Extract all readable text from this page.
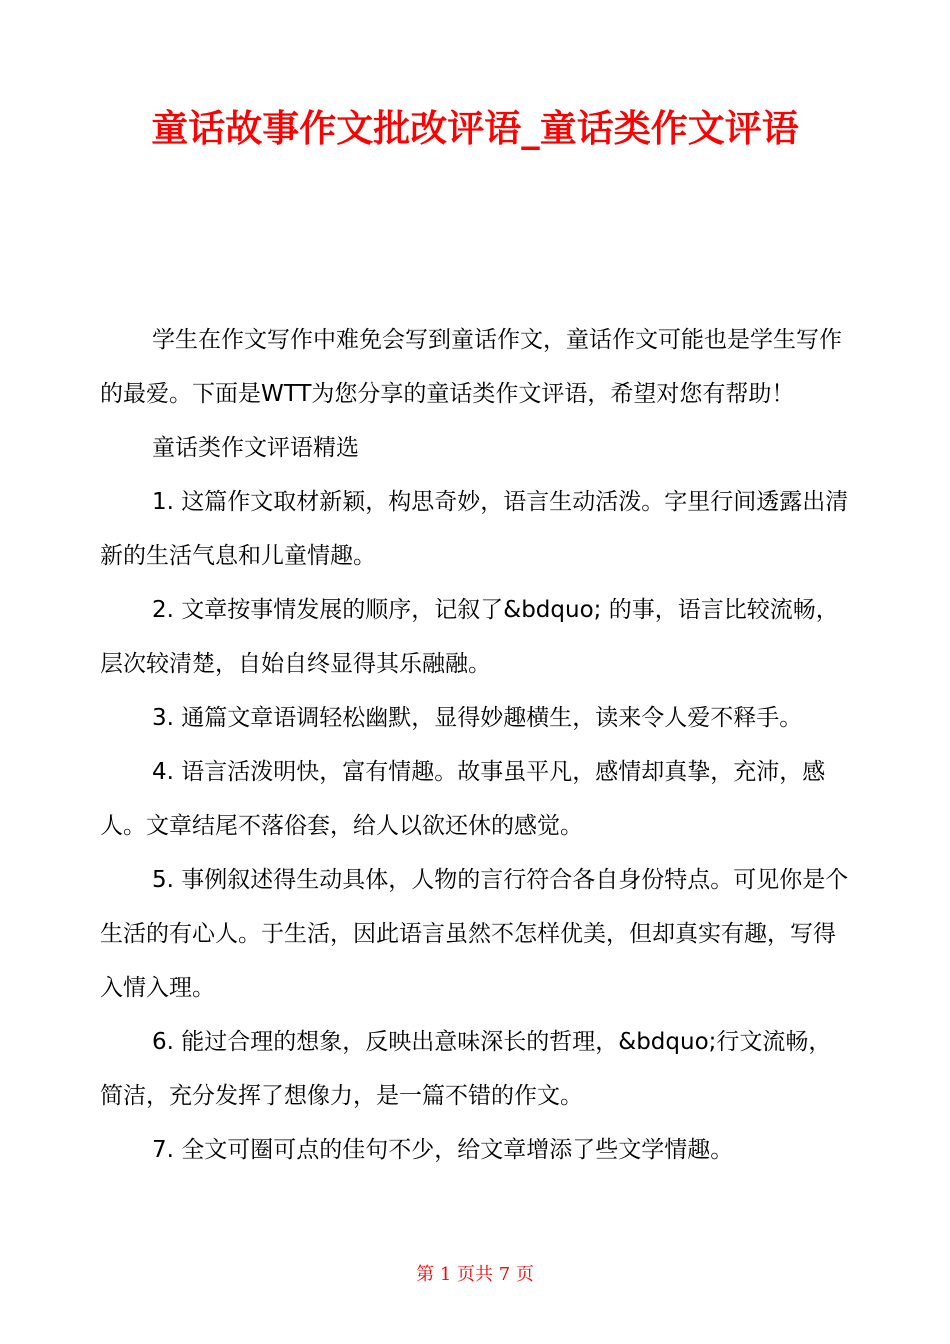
童话故事作文批改评语_童话类作文评语

学生在作文写作中难免会写到童话作文，童话作文可能也是学生写作的最爱。下面是WTT为您分享的童话类作文评语，希望对您有帮助！

童话类作文评语精选

1. 这篇作文取材新颖，构思奇妙，语言生动活泼。字里行间透露出清新的生活气息和儿童情趣。

2. 文章按事情发展的顺序，记叙了&bdquo; 的事，语言比较流畅，层次较清楚，自始自终显得其乐融融。

3. 通篇文章语调轻松幽默，显得妙趣横生，读来令人爱不释手。

4. 语言活泼明快，富有情趣。故事虽平凡，感情却真挚，充沛，感人。文章结尾不落俗套，给人以欲还休的感觉。

5. 事例叙述得生动具体，人物的言行符合各自身份特点。可见你是个生活的有心人。于生活，因此语言虽然不怎样优美，但却真实有趣，写得入情入理。

6. 能过合理的想象，反映出意味深长的哲理，&bdquo;行文流畅，简洁，充分发挥了想像力，是一篇不错的作文。

7. 全文可圈可点的佳句不少，给文章增添了些文学情趣。

第 1 页共 7 页
